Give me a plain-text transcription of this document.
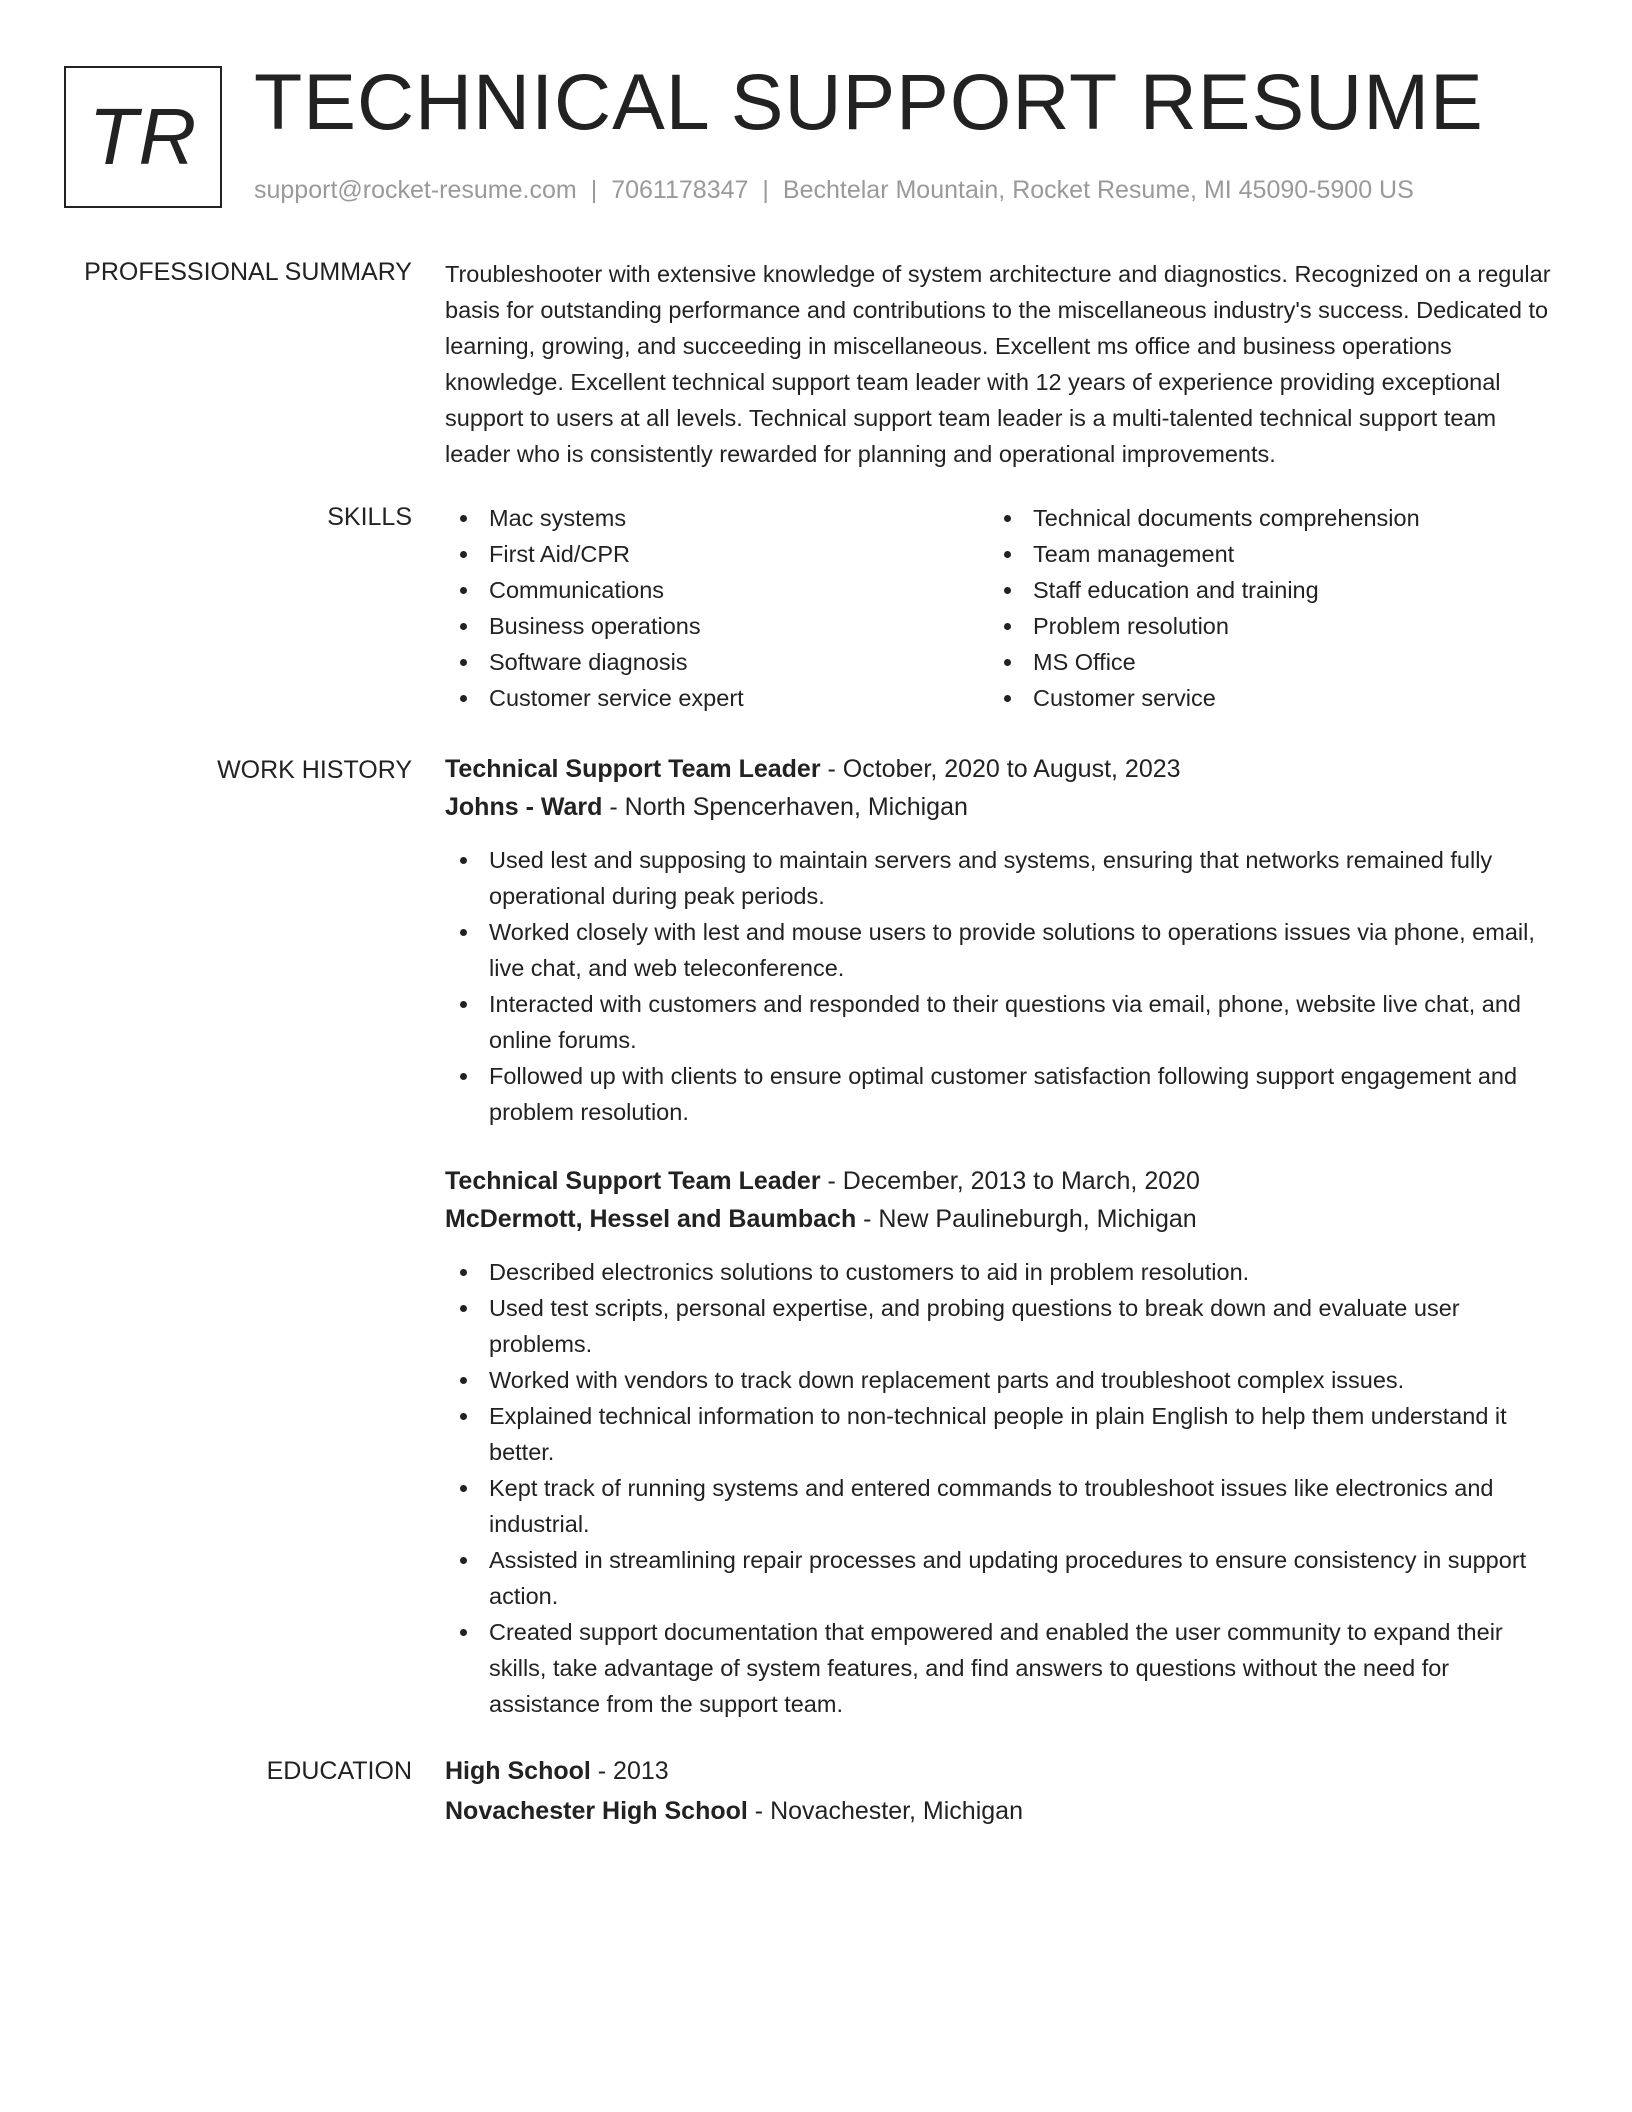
TR TECHNICAL SUPPORT RESUME
support@rocket-resume.com | 7061178347 | Bechtelar Mountain, Rocket Resume, MI 45090-5900 US
PROFESSIONAL SUMMARY Troubleshooter with extensive knowledge of system architecture and diagnostics. Recognized on a regular basis for outstanding performance and contributions to the miscellaneous industry's success. Dedicated to learning, growing, and succeeding in miscellaneous. Excellent ms office and business operations knowledge. Excellent technical support team leader with 12 years of experience providing exceptional support to users at all levels. Technical support team leader is a multi-talented technical support team leader who is consistently rewarded for planning and operational improvements.
SKILLS	Mac systems
First Aid/CPR
Communications
Business operations
Software diagnosis
Customer service expert
Technical documents comprehension
Team management
Staff education and training
Problem resolution
MS Office
Customer service
WORK HISTORY Technical Support Team Leader - October, 2020 to August, 2023
Johns - Ward - North Spencerhaven, Michigan
Used lest and supposing to maintain servers and systems, ensuring that networks remained fully operational during peak periods.
Worked closely with lest and mouse users to provide solutions to operations issues via phone, email, live chat, and web teleconference.
Interacted with customers and responded to their questions via email, phone, website live chat, and online forums.
Followed up with clients to ensure optimal customer satisfaction following support engagement and problem resolution.
Technical Support Team Leader - December, 2013 to March, 2020
McDermott, Hessel and Baumbach - New Paulineburgh, Michigan
Described electronics solutions to customers to aid in problem resolution.
Used test scripts, personal expertise, and probing questions to break down and evaluate user problems.
Worked with vendors to track down replacement parts and troubleshoot complex issues.
Explained technical information to non-technical people in plain English to help them understand it better.
Kept track of running systems and entered commands to troubleshoot issues like electronics and industrial.
Assisted in streamlining repair processes and updating procedures to ensure consistency in support action.
Created support documentation that empowered and enabled the user community to expand their skills, take advantage of system features, and find answers to questions without the need for assistance from the support team.
EDUCATION High School - 2013
Novachester High School - Novachester, Michigan
